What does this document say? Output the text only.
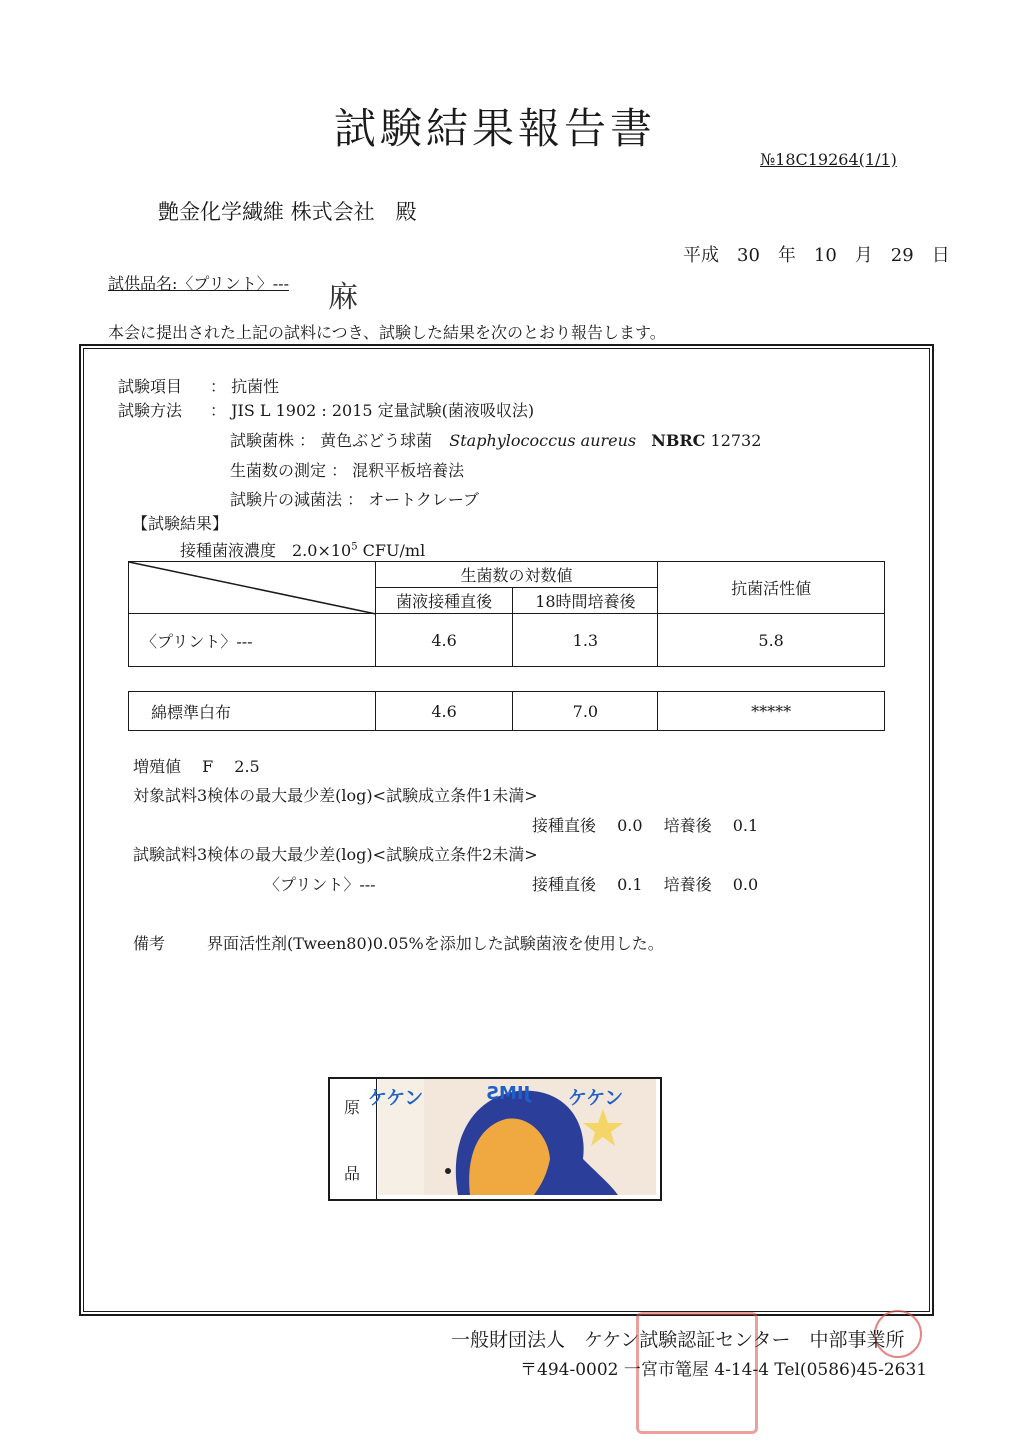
試験結果報告書
№18C19264(1/1)
艶金化学繊維 株式会社　殿
平成　30　年　10　月　29　日
試供品名:〈プリント〉--- 麻
本会に提出された上記の試料につき、試験した結果を次のとおり報告します。
試験項目 ： 抗菌性
試験方法 ： JIS L 1902 : 2015 定量試験(菌液吸収法)
試験菌株 ： 黄色ぶどう球菌 Staphylococcus aureus NBRC 12732
生菌数の測定 ： 混釈平板培養法
試験片の減菌法 ： オートクレーブ
【試験結果】
接種菌液濃度　$2.0\times 10^5$ CFU/ml
	生菌数の対数値		抗菌活性値
	菌液接種直後	18時間培養後	
〈プリント〉---	4.6	1.3	5.8
綿標準白布	4.6	7.0	*****
増殖値　 F　 2.5
対象試料3検体の最大最少差(log)<試験成立条件1未満>
接種直後　 0.0　 培養後　 0.1
試験試料3検体の最大最少差(log)<試験成立条件2未満>
〈プリント〉---	接種直後　 0.1　 培養後　 0.0
備考	界面活性剤(Tween80)0.05%を添加した試験菌液を使用した。
原
品
ケケン	JIMS ケケン
一般財団法人　ケケン試験認証センター　中部事業所
〒494-0002 一宮市篭屋 4-14-4 Tel(0586)45-2631
